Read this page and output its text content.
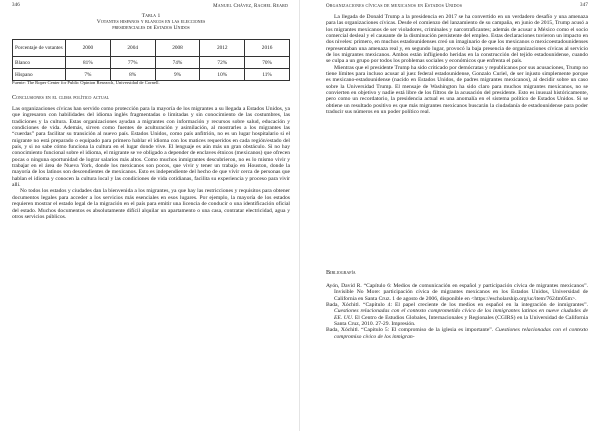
346	Manuel Chávez, Rachel Reard
Tabla 1
Votantes hispanos y blancos en las elecciones
presidenciales de Estados Unidos
Porcentaje de votantes	2000	2004	2008	2012	2016
Blanco	81%	77%	74%	72%	70%
Hispano	7%	8%	9%	10%	11%
Fuente: The Roper Center for Public Opinion Research, Universidad de Cornell.
Conclusiones en el clima político actual

Las organizaciones cívicas han servido como protección para la mayoría de los migrantes a su llegada a Estados Unidos, ya que ingresaron con habilidades del idioma inglés fragmentadas o limitadas y sin conocimiento de las costumbres, las tradiciones y la cultura. Estas organizaciones ayudan a migrantes con información y recursos sobre salud, educación y condiciones de vida. Además, sirven como fuentes de aculturación y asimilación, al mostrarles a los migrantes las “cuerdas” para facilitar su transición al nuevo país. Estados Unidos, como país anfitrión, no es un lugar hospitalario si el migrante no está preparado o equipado para primero hablar el idioma con los matices requeridos en cada región/estado del país, y si no sabe cómo funciona la cultura en el lugar donde vive. El lenguaje es aún más un gran obstáculo. Si no hay conocimiento funcional sobre el idioma, el migrante se ve obligado a depender de enclaves étnicos (mexicanos) que ofrecen pocas o ninguna oportunidad de lograr salarios más altos. Como muchos inmigrantes descubrieron, no es lo mismo vivir y trabajar en el área de Nueva York, donde los mexicanos son pocos, que vivir y tener un trabajo en Houston, donde la mayoría de los latinos son descendientes de mexicanos. Esto es independiente del hecho de que vivir cerca de personas que hablan el idioma y conocen la cultura local y las condiciones de vida cotidianas, facilita su experiencia y proceso para vivir allí.

No todos los estados y ciudades dan la bienvenida a los migrantes, ya que hay las restricciones y requisitos para obtener documentos legales para acceder a los servicios más esenciales en esos lugares. Por ejemplo, la mayoría de los estados requieren mostrar el estado legal de la migración en el país para emitir una licencia de conducir o una identificación oficial del estado. Muchos documentos es absolutamente difícil alquilar un apartamento o una casa, contratar electricidad, agua y otros servicios públicos.

Organizaciones cívicas de mexicanos en Estados Unidos	347

La llegada de Donald Trump a la presidencia en 2017 se ha convertido en un verdadero desafío y una amenaza para las organizaciones cívicas. Desde el comienzo del lanzamiento de su campaña, en junio de 2015, Trump acusó a los migrantes mexicanos de ser violadores, criminales y narcotraficantes; además de acusar a México como el socio comercial desleal y el causante de la disminución persistente del empleo. Estas declaraciones tuvieron un impacto en dos niveles: primero, en muchos estadounidenses creó un imaginario de que los mexicanos o mexicoestadounidenses representaban una amenaza real y, en segundo lugar, provocó la baja presencia de organizaciones cívicas al servicio de los migrantes mexicanos. Ambos están infligiendo heridas en la construcción del tejido estadounidense, cuando se culpa a un grupo por todos los problemas sociales y económicos que enfrenta el país.

Mientras que el presidente Trump ha sido criticado por demócratas y republicanos por sus acusaciones, Trump no tiene límites para incluso acusar al juez federal estadounidense, Gonzalo Curiel, de ser injusto simplemente porque es mexicano-estadounidense (nacido en Estados Unidos, de padres migrantes mexicanos), al decidir sobre un caso sobre la Universidad Trump. El mensaje de Washington ha sido claro para muchos migrantes mexicanos, no se convierten en objetivo y nadie está libre de los filtros de la acusación del presidente. Esto es inusual históricamente, pero como un recordatorio, la presidencia actual es una anomalía en el sistema político de Estados Unidos. Si se obtiene un resultado positivo es que más migrantes mexicanos buscarán la ciudadanía de estadounidense para poder traducir sus números en un poder político real.

Bibliografía

Ayón, David R. “Capítulo 6: Medios de comunicación en español y participación cívica de migrantes mexicanos”. Invisible No More: participación cívica de migrantes mexicanos en los Estados Unidos, Universidad de California en Santa Cruz. 1 de agosto de 2006, disponible en <https://escholarship.org/uc/item/7624m05m>.

Bada, Xóchitl. “Capítulo 4: El papel creciente de los medios en español en la integración de inmigrantes”. Cuestiones relacionadas con el contexto comprometido cívico de los inmigrantes latinos en nueve ciudades de EE. UU. El Centro de Estudios Globales, Internacionales y Regionales (CGIRS) en la Universidad de California Santa Cruz, 2010. 27-29. Impresión.

Bada, Xóchitl. “Capítulo 5: El compromiso de la iglesia es importante”. Cuestiones relacionadas con el contexto compromiso cívico de los inmigran-
